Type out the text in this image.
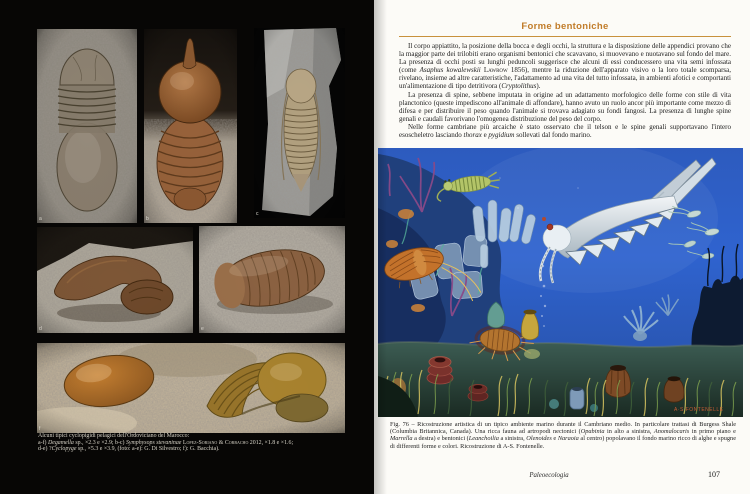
a	b
c
d	e
f
Alcuni tipici cyclopigidi pelagici dell'Ordoviciano del Marocco:
a-f) Degamella sp., ×2.3 e ×2.9; b-c) Symphysops stevaninae Lopez-Soriano & Corbacho 2012, ×1.8 e ×1.6;
d-e) ?Cyclopyge sp., ×5.3 e ×3.9, (foto: a-e): G. Di Silvestro; f): G. Bacchia).
Forme bentoniche

Il corpo appiattito, la posizione della bocca e degli occhi, la struttura e la disposizione delle appendici provano che la maggior parte dei trilobiti erano organismi bentonici che scavavano, si muovevano e nuotavano sul fondo del mare. La presenza di occhi posti su lunghi peduncoli suggerisce che alcuni di essi conducessero una vita semi infossata (come Asaphus kowalewskii Lawrow 1856), mentre la riduzione dell'apparato visivo o la loro totale scomparsa, rivelano, insieme ad altre caratteristiche, l'adattamento ad una vita del tutto infossata, in ambienti afotici e comportanti un'alimentazione di tipo detritivora (Cryptolithus).

La presenza di spine, sebbene imputata in origine ad un adattamento morfologico delle forme con stile di vita planctonico (queste impediscono all'animale di affondare), hanno avuto un ruolo ancor più importante come mezzo di difesa e per distribuire il peso quando l'animale si trovava adagiato su fondi fangosi. La presenza di lunghe spine genali e caudali favorivano l'omogenea distribuzione del peso del corpo.

Nelle forme cambriane più arcaiche è stato osservato che il telson e le spine genali supportavano l'intero esoscheletro lasciando thorax e pygidium sollevati dal fondo marino.

A·S FONTENELLE
Fig. 76 – Ricostruzione artistica di un tipico ambiente marino durante il Cambriano medio. In particolare trattasi di Burgess Shale (Columbia Britannica, Canada). Una ricca fauna ad artropodi nectonici (Opabinia in alto a sinistra, Anomalocaris in primo piano e Marrella a destra) e bentonici (Leanchoilia a sinistra, Olenoides e Naraoia al centro) popolavano il fondo marino ricco di alghe e spugne di differenti forme e colori. Ricostruzione di A-S. Fontenelle.
Paleoecologia	107
